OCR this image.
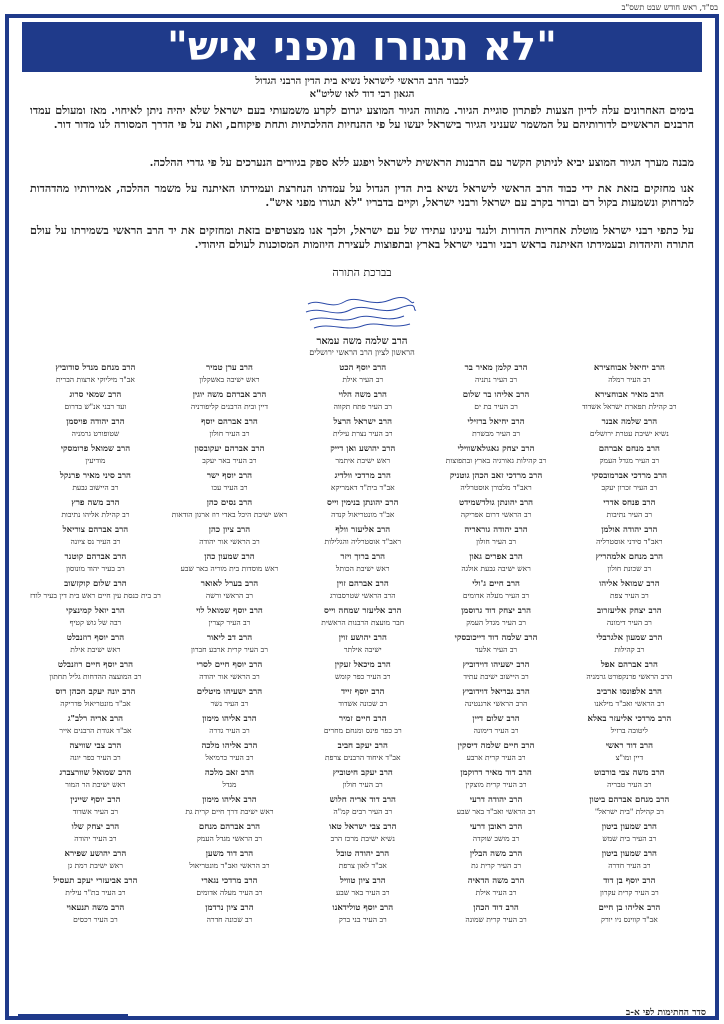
בס"ד, ראש חודש שבט תשס"ב
"לא תגורו מפני איש"
לכבוד הרב הראשי לישראל נשיא בית הדין הרבני הגדול
הגאון רבי דוד לאו שליט"א
בימים האחרונים עלה לדיון הצעות לפתרון סוגיית הגיור. מתווה הגיור המוצע יגרום לקרע משמעותי בעם ישראל שלא יהיה ניתן לאיחוי. מאז ומעולם עמדו הרבנים הראשיים לדורותיהם על המשמר שעניני הגיור בישראל יעשו על פי ההנחיות ההלכתיות ותחת פיקוחם, ואת על פי הדרך המסורה לנו מדור דור.
מבנה מערך הגיור המוצע יביא לניתוק הקשר עם הרבנות הראשית לישראל ויפגע ללא ספק בגיורים הנערכים על פי גדרי ההלכה.
אנו מחזקים בזאת את ידי כבוד הרב הראשי לישראל נשיא בית הדין הגדול על עמדתו הנחרצת ועמידתו האיתנה על משמר ההלכה, אמירותיו מהדהדות למרחוק ונשמעות בקול רם וברור בקרב עם ישראל ורבני ישראל, וקיים בדבריו "לא תגורו מפני איש".
על כתפי רבני ישראל מוטלת אחריות הדורות ולנגד עינינו עתידו של עם ישראל, ולכך אנו מצטרפים בזאת ומחזקים את יד הרב הראשי בשמירתו על עולם התורה והיהדות ובעמידתו האיתנה בראש רבני ורבני ישראל בארץ ובתפוצות לעצירת היוזמות המסוכנות לעולם היהודי.
בברכת התורה
הרב שלמה משה עמאר
הראשון לציון הרב הראשי ירושלים
הרב יחיאל אבוחצירא
רב העיר רמלה
הרב מאיר אבוחצירא
רב קהילת תפארת ישראל אשדוד
הרב שלמה אבנר
נשיא ישיבת עטרת ירושלים
הרב מנחם אברהם
רב העיר מגדל העמק
הרב מרדכי אברמובסקי
רב העיר זכרון יעקב
הרב פנחס אדרי
רב העיר נתיבות
הרב יהודה אולמן
ראב"ד סידני אוסטרליה
הרב מנחם אלמהריץ
רב שכונת חולון
הרב שמואל אליהו
רב העיר צפת
הרב יצחק אליעזרוב
רב העיר דימונה
הרב שמעון אלגרבלי
רב קהילות
הרב אברהם אפל
הרב הראשי פרנקפורט גרמניה
הרב אלפונסו ארביב
רב הראשי ואב"ד מילאנו
הרב מרדכי אליעזר באלא
ליטובה ברזיל
הרב דוד ראשי
דיין ומו"צ
הרב משה צבי בורבוט
רב העיר טבריה
הרב מנחם אברהם ביטון
רב קהילת "בית ישראל"
הרב שמעון ביטון
רב העיר בית שמש
הרב שמעון ביטון
רב העיר חדרה
הרב יוסף בן דוד
רב העיר קרית עקרון
הרב אליהו בן חיים
אב"ד קווינס ניו יורק
הרב קלמן מאיר בר
רב העיר נתניה
הרב אליהו בר שלום
רב העיר בת ים
הרב יחיאל ברזילי
רב העיר מבשרת
הרב יצחק גאגולאשווילי
רב קהילות גאורגיה בארץ ובתפוצות
הרב מרדכי זאב הכהן גוטניק
ראב"ד מלבורן אוסטרליה
הרב יהונתן גולדשמידט
רב הראשי דרום אפריקה
הרב יהודה גוראריה
רב העיר חולון
הרב אפרים גאון
ראש ישיבה גבעת אולגה
הרב חיים ג'ולי
רב העיר מעלה אדומים
הרב יצחק דוד גרוסמן
רב העיר מגדל העמק
הרב שלמה דוד דייכובסקי
רב העיר אלעד
הרב ישעיהו דוידוביץ
רב היישוב ישיבת עתיד
הרב גבריאל דוידוביץ
הרב הראשי ארגנטינה
הרב שלום דיין
רב העיר דימונה
הרב חיים שלמה דיסקין
רב העיר קרית ארבע
הרב דוד מאיר דרוקמן
רב העיר קרית מוצקין
הרב יהודה דרעי
רב הראשי ואב"ד באר שבע
הרב ראובן דרעי
רב מושב שוקדה
הרב משה הבלין
רב העיר קרית גת
הרב משה הדאיה
רב העיר אילת
הרב דוד הכהן
רב העיר קרית שמונה
הרב יוסף הכט
רב העיר אילת
הרב משה הלוי
רב העיר פתח תקווה
הרב ישראל הרצל
רב העיר נצרת עילית
הרב יהושע ואן דייק
ראש ישיבת איתמר
הרב מרדכי וולדיג
אב"ד בית"ד דאמריקא
הרב יהונתן בנימין וייס
אב"ד מונטריאול קנדה
הרב אליעזר וולף
ראב"ד אוסטרליה והגלילות
הרב ברוך ויזר
ראש ישיבת הכותל
הרב אברהם זוין
הרב הראשי שטרסבורג
הרב אליעזר שמחה וייס
חבר מועצת הרבנות הראשית
הרב יהושע זוין
ישיבה אילתר
הרב מיכאל זעקין
רב העיר כפר קומש
הרב יוסף זייד
רב שכונה אשדוד
הרב חיים זמיר
רב כפר פינס ומנחם מחרים
הרב יעקב חביב
אב"ד איחוד הרבנים צרפת
הרב יעקב חיטוביץ
רב העיר חולון
הרב דוד אריה חלוש
רב העיר רבים קמ"ה
הרב צבי ישראל טאו
נשיא ישיבת מרכז הרב
הרב יהודה טובל
אב"ד לאון צרפת
הרב ציון טוויל
רב העיר באר שבע
הרב יוסף טולידאנו
רב העיר בני ברק
הרב ערן טמיר
ראש ישיבה באשקלון
הרב אברהם משה יוגין
דיין ובית הרבנים קליפורניה
הרב אברהם יוסף
רב העיר חולון
הרב אברהם יעקובסון
רב העיר באר יעקב
הרב יוסף ישר
רב העיר עכו
הרב נסים כהן
ראש ישיבת היכל באדי רוז ארגון הודאות
הרב ציון כהן
רב הראשי אור יהודה
הרב שמעון כהן
ראש מוסדות בית מוריה באר שבע
הרב בערל לאואר
רב הראשי ורשה
הרב יוסף שמואל לוי
רב העיר קצרין
הרב דב ליאור
רב העיר קרית ארבע חברון
הרב יוסף חיים לסרי
רב הראשי אור יהודה
הרב ישעיהו מיטלים
רב העיר נשר
הרב אליהו מימון
רב העיר גדרה
הרב אליהו מלכה
רב העיר כרמיאל
הרב זאב מלכה
מגדל
הרב אליהו מימון
ראש ישיבת דרך חיים קרית גת
הרב אברהם מנחם
רב הראשי מגדל העמק
הרב דוד משען
רב הראשי ואב"ד מונטריאול
הרב מרדכי נגארי
רב העיר מעלה אדומים
הרב ציון נרדמן
רב שכונה חדרה
הרב מנחם מנדל סודוביץ
אב"ד מיליוקי ארצות הברית
הרב שמאי סרוג
ועד רבני אנ"ש בדרום
הרב יהודה פויסמן
שטופורט גרמניה
הרב שמואל פרומסקי
מודיעין
הרב סיני מאיר פרנקל
רב היישוב גבעת
הרב משה פרץ
רב קהילת אליהו נתיבות
הרב אברהם צוריאל
רב העיר נס ציונה
הרב אברהם קוטנר
רב בעיר יהוד מונוסון
הרב שלום קוקזשוב
רב בית כנסת עין חיים ראש בית דין בעיר לודז
הרב יואל קמינצקי
רבה של גוש קטיף
הרב יוסף רוזנבלט
ראש ישיבת אילת
הרב יוסף חיים רוזנבלט
רב המועצה ההדחות גליל תחתון
הרב יונה יעקב הכהן רוס
אב"ד מונטריאול פדריקה
הרב אריה רלב"ג
אב"ד אגודת הרבנים אייר
הרב צבי שוויצה
רב העיר כפר יונה
הרב שמואל שוורצברג
ראש ישיבת הר המור
הרב יוסף שיינין
רב העיר אשדוד
הרב יצחק שלו
רב העיר יהודה
הרב יהושע שפירא
ראש ישיבת רמת גן
הרב אביעזרי יעקב תעסיל
רב העיר בת"ר עילית
הרב משה תנעאוי
רב העיר רכסים
סדר החתימות לפי א-ב
